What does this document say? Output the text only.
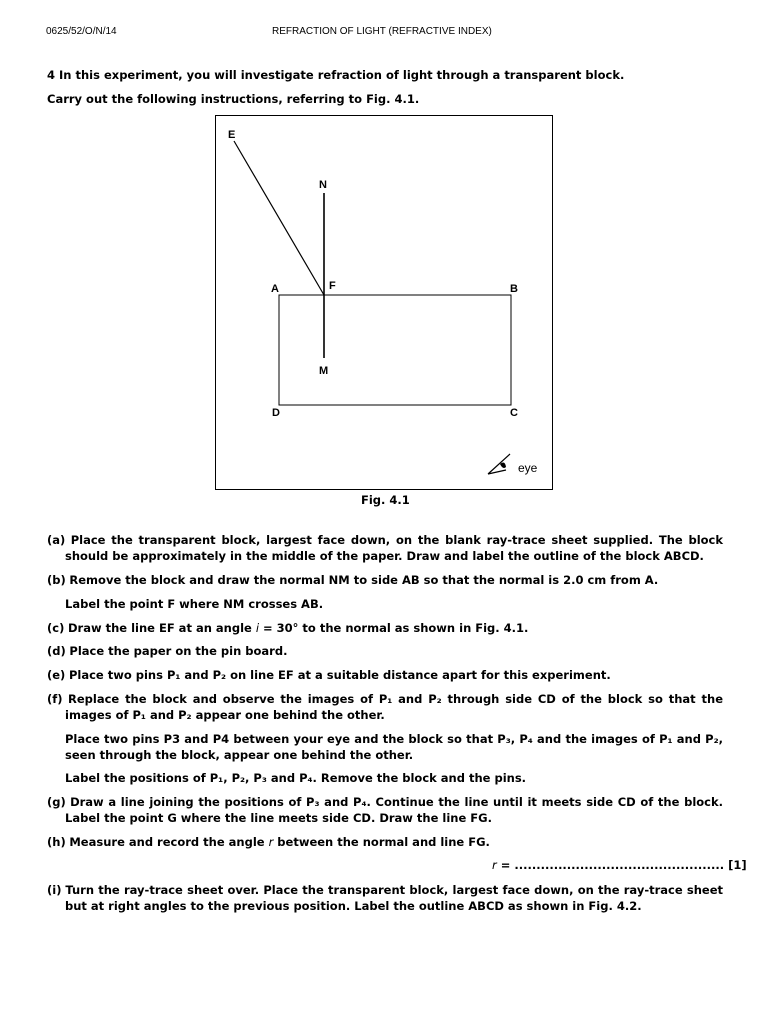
0625/52/O/N/14	REFRACTION OF LIGHT (REFRACTIVE INDEX)
4 In this experiment, you will investigate refraction of light through a transparent block.
Carry out the following instructions, referring to Fig. 4.1.
E
N
A	F	B
M
D	C
eye
Fig. 4.1
(a) Place the transparent block, largest face down, on the blank ray-trace sheet supplied. The block should be approximately in the middle of the paper. Draw and label the outline of the block ABCD.
(b) Remove the block and draw the normal NM to side AB so that the normal is 2.0 cm from A.
Label the point F where NM crosses AB.
(c) Draw the line EF at an angle i = 30° to the normal as shown in Fig. 4.1.
(d) Place the paper on the pin board.
(e) Place two pins P₁ and P₂ on line EF at a suitable distance apart for this experiment.
(f) Replace the block and observe the images of P₁ and P₂ through side CD of the block so that the images of P₁ and P₂ appear one behind the other.
Place two pins P3 and P4 between your eye and the block so that P₃, P₄ and the images of P₁ and P₂, seen through the block, appear one behind the other.
Label the positions of P₁, P₂, P₃ and P₄. Remove the block and the pins.
(g) Draw a line joining the positions of P₃ and P₄. Continue the line until it meets side CD of the block. Label the point G where the line meets side CD. Draw the line FG.
(h) Measure and record the angle r between the normal and line FG.
r = ................................................ [1]
(i) Turn the ray-trace sheet over. Place the transparent block, largest face down, on the ray-trace sheet but at right angles to the previous position. Label the outline ABCD as shown in Fig. 4.2.
